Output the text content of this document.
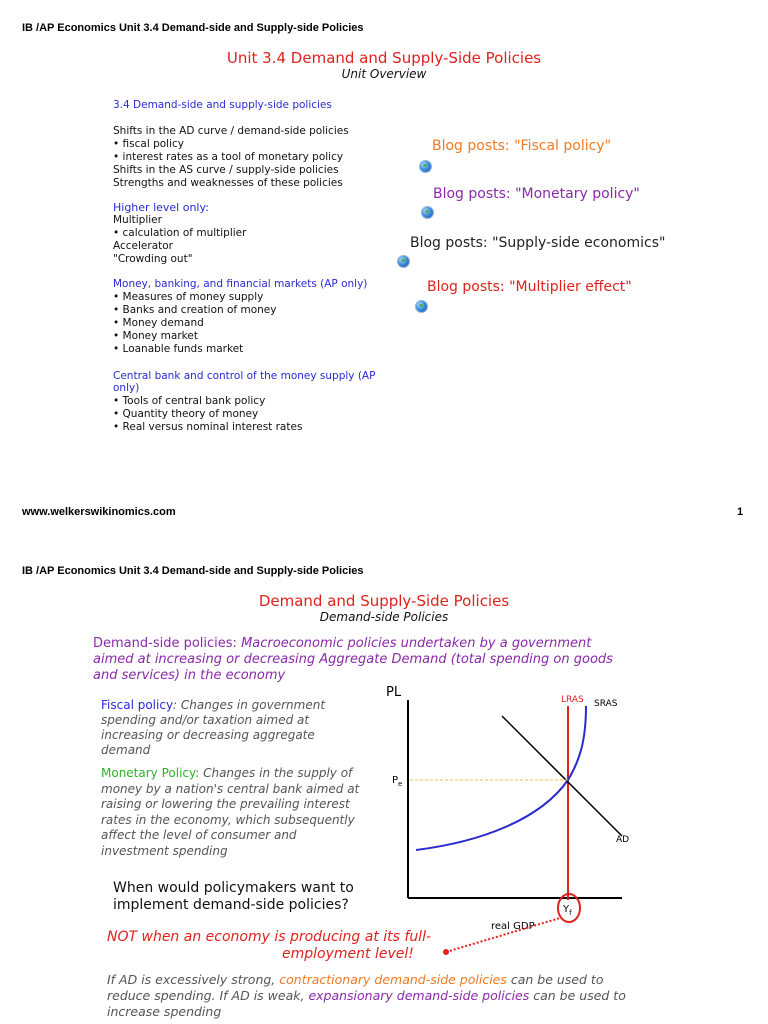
IB /AP Economics Unit 3.4 Demand-side and Supply-side Policies
Unit 3.4 Demand and Supply-Side Policies
Unit Overview
3.4 Demand-side and supply-side policies
Shifts in the AD curve / demand-side policies
• fiscal policy
• interest rates as a tool of monetary policy
Shifts in the AS curve / supply-side policies
Strengths and weaknesses of these policies
Higher level only:
Multiplier
• calculation of multiplier
Accelerator
"Crowding out"
Money, banking, and financial markets (AP only)
• Measures of money supply
• Banks and creation of money
• Money demand
• Money market
• Loanable funds market
Central bank and control of the money supply (AP
only)
• Tools of central bank policy
• Quantity theory of money
• Real versus nominal interest rates
Blog posts: "Fiscal policy"
Blog posts: "Monetary policy"
Blog posts: "Supply-side economics"
Blog posts: "Multiplier effect"
www.welkerswikinomics.com	1
IB /AP Economics Unit 3.4 Demand-side and Supply-side Policies
Demand and Supply-Side Policies
Demand-side Policies
Demand-side policies: Macroeconomic policies undertaken by a government
aimed at increasing or decreasing Aggregate Demand (total spending on goods
and services) in the economy
Fiscal policy: Changes in government
spending and/or taxation aimed at
increasing or decreasing aggregate
demand
Monetary Policy: Changes in the supply of
money by a nation's central bank aimed at
raising or lowering the prevailing interest
rates in the economy, which subsequently
affect the level of consumer and
investment spending
When would policymakers want to
implement demand-side policies?
NOT when an economy is producing at its full-
employment level!
If AD is excessively strong, contractionary demand-side policies can be used to
reduce spending. If AD is weak, expansionary demand-side policies can be used to
increase spending
PL	LRAS SRAS
AD
$P_e$
$Y_f$
real GDP
